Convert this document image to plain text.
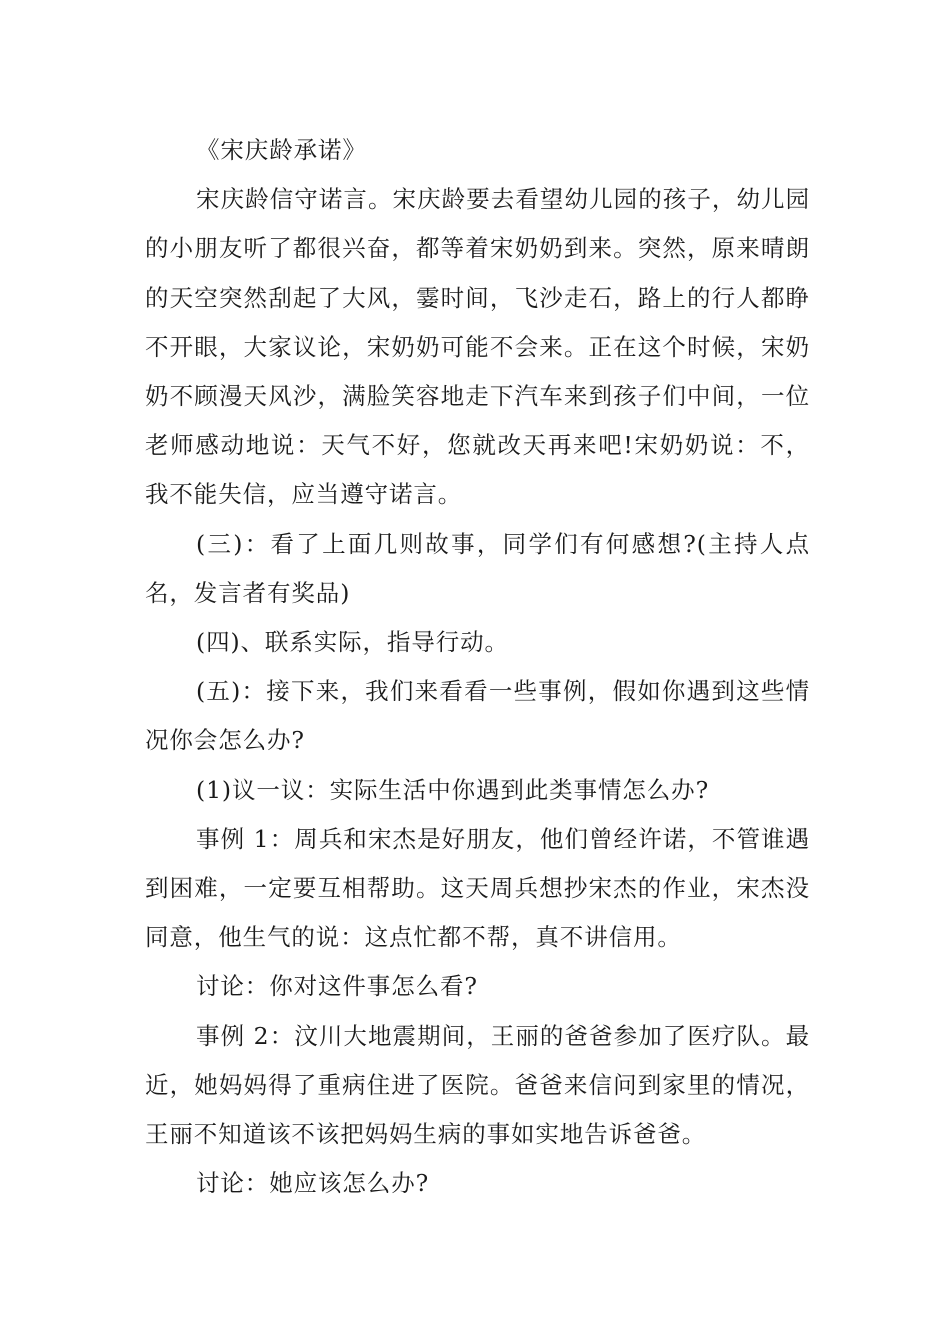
《宋庆龄承诺》

宋庆龄信守诺言。宋庆龄要去看望幼儿园的孩子，幼儿园的小朋友听了都很兴奋，都等着宋奶奶到来。突然，原来晴朗的天空突然刮起了大风，霎时间，飞沙走石，路上的行人都睁不开眼，大家议论，宋奶奶可能不会来。正在这个时候，宋奶奶不顾漫天风沙，满脸笑容地走下汽车来到孩子们中间，一位老师感动地说：天气不好，您就改天再来吧!宋奶奶说：不，我不能失信，应当遵守诺言。

(三)：看了上面几则故事，同学们有何感想?(主持人点名，发言者有奖品)

(四)、联系实际，指导行动。

(五)：接下来，我们来看看一些事例，假如你遇到这些情况你会怎么办?

(1)议一议：实际生活中你遇到此类事情怎么办?

事例 1：周兵和宋杰是好朋友，他们曾经许诺，不管谁遇到困难，一定要互相帮助。这天周兵想抄宋杰的作业，宋杰没同意，他生气的说：这点忙都不帮，真不讲信用。

讨论：你对这件事怎么看?

事例 2：汶川大地震期间，王丽的爸爸参加了医疗队。最近，她妈妈得了重病住进了医院。爸爸来信问到家里的情况，王丽不知道该不该把妈妈生病的事如实地告诉爸爸。

讨论：她应该怎么办?
